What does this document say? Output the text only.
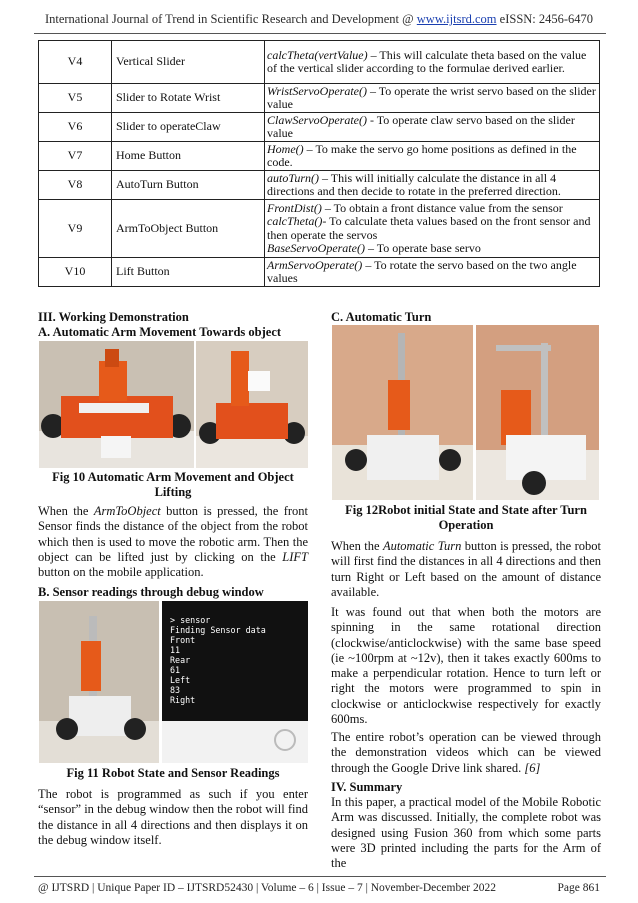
International Journal of Trend in Scientific Research and Development @ www.ijtsrd.com eISSN: 2456-6470
V4	Vertical Slider	calcTheta(vertValue) – This will calculate theta based on the value of the vertical slider according to the formulae derived earlier.
V5	Slider to Rotate Wrist	WristServoOperate() – To operate the wrist servo based on the slider value
V6	Slider to operateClaw	ClawServoOperate() - To operate claw servo based on the slider value
V7	Home Button	Home() – To make the servo go home positions as defined in the code.
V8	AutoTurn Button	autoTurn() – This will initially calculate the distance in all 4 directions and then decide to rotate in the preferred direction.
V9	ArmToObject Button	FrontDist() – To obtain a front distance value from the sensor
calcTheta()- To calculate theta values based on the front sensor and then operate the servos
BaseServoOperate() – To operate base servo
V10	Lift Button	ArmServoOperate() – To rotate the servo based on the two angle values
III. Working Demonstration
A. Automatic Arm Movement Towards object
Fig 10 Automatic Arm Movement and Object Lifting
When the ArmToObject button is pressed, the front Sensor finds the distance of the object from the robot which then is used to move the robotic arm. Then the object can be lifted just by clicking on the LIFT button on the mobile application.
B. Sensor readings through debug window
> sensor
Finding Sensor data
Front
11
Rear
61
Left
83
Right
Fig 11 Robot State and Sensor Readings
The robot is programmed as such if you enter “sensor” in the debug window then the robot will find the distance in all 4 directions and then displays it on the debug window itself.
C. Automatic Turn
Fig 12Robot initial State and State after Turn Operation
When the Automatic Turn button is pressed, the robot will first find the distances in all 4 directions and then turn Right or Left based on the amount of distance available.
It was found out that when both the motors are spinning in the same rotational direction (clockwise/anticlockwise) with the same base speed (ie ~100rpm at ~12v), then it takes exactly 600ms to make a perpendicular rotation. Hence to turn left or right the motors were programmed to spin in clockwise or anticlockwise respectively for exactly 600ms.
The entire robot’s operation can be viewed through the demonstration videos which can be viewed through the Google Drive link shared. [6]
IV. Summary
In this paper, a practical model of the Mobile Robotic Arm was discussed. Initially, the complete robot was designed using Fusion 360 from which some parts were 3D printed including the parts for the Arm of the
@ IJTSRD | Unique Paper ID – IJTSRD52430 | Volume – 6 | Issue – 7 | November-December 2022	Page 861
